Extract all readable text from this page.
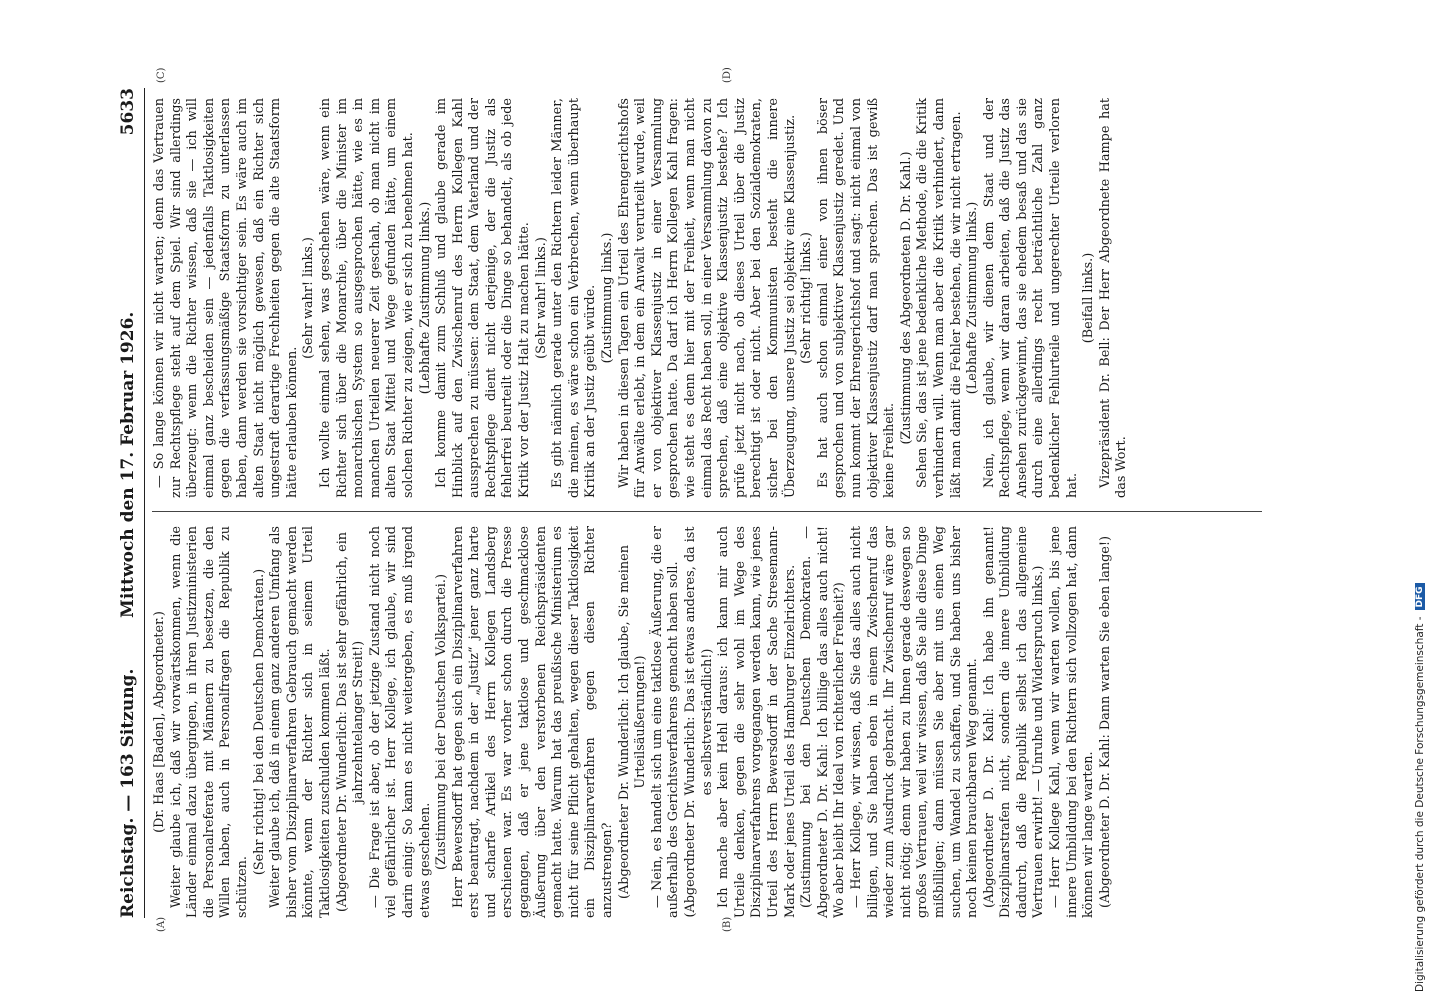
Reichstag. — 163 Sitzung.
Mittwoch den 17. Februar 1926.
5633
(A)	(B)
(C)	(D)

(Dr. Haas [Baden], Abgeordneter.) Weiter glaube ich, daß wir vorwärtskommen, wenn die Länder einmal dazu übergingen, in ihren Justizministerien die Personalreferate mit Männern zu besetzen, die den Willen haben, auch in Personalfragen die Republik zu schützen.

(Sehr richtig! bei den Deutschen Demokraten.) Weiter glaube ich, daß in einem ganz anderen Umfang als bisher vom Disziplinarverfahren Gebrauch gemacht werden könnte, wenn der Richter sich in seinem Urteil Taktlosigkeiten zuschulden kommen läßt. (Abgeordneter Dr. Wunderlich: Das ist sehr gefährlich, ein jahrzehntelanger Streit!) — Die Frage ist aber, ob der jetzige Zustand nicht noch viel gefährlicher ist. Herr Kollege, ich glaube, wir sind darin einig: So kann es nicht weitergeben, es muß irgend etwas geschehen. (Zustimmung bei der Deutschen Volkspartei.) Herr Bewersdorff hat gegen sich ein Disziplinarverfahren erst beantragt, nachdem in der „Justiz“ jener ganz harte und scharfe Artikel des Herrn Kollegen Landsberg erschienen war. Es war vorher schon durch die Presse gegangen, daß er jene taktlose und geschmacklose Äußerung über den verstorbenen Reichspräsidenten gemacht hatte. Warum hat das preußische Ministerium es nicht für seine Pflicht gehalten, wegen dieser Taktlosigkeit ein Disziplinarverfahren gegen diesen Richter anzustrengen? (Abgeordneter Dr. Wunderlich: Ich glaube, Sie meinen Urteilsäußerungen!) — Nein, es handelt sich um eine taktlose Äußerung, die er außerhalb des Gerichtsverfahrens gemacht haben soll. (Abgeordneter Dr. Wunderlich: Das ist etwas anderes, da ist es selbstverständlich!) Ich mache aber kein Hehl daraus: ich kann mir auch Urteile denken, gegen die sehr wohl im Wege des Disziplinarverfahrens vorgegangen werden kann, wie jenes Urteil des Herrn Bewersdorff in der Sache Stresemann-Mark oder jenes Urteil des Hamburger Einzelrichters. (Zustimmung bei den Deutschen Demokraten. — Abgeordneter D. Dr. Kahl: Ich billige das alles auch nicht! Wo aber bleibt Ihr Ideal von richterlicher Freiheit?) — Herr Kollege, wir wissen, daß Sie das alles auch nicht billigen, und Sie haben eben in einem Zwischenruf das wieder zum Ausdruck gebracht. Ihr Zwischenruf wäre gar nicht nötig; denn wir haben zu Ihnen gerade deswegen so großes Vertrauen, weil wir wissen, daß Sie alle diese Dinge mißbilligen; dann müssen Sie aber mit uns einen Weg suchen, um Wandel zu schaffen, und Sie haben uns bisher noch keinen brauchbaren Weg genannt. (Abgeordneter D. Dr. Kahl: Ich habe ihn genannt! Disziplinarstrafen nicht, sondern die innere Umbildung dadurch, daß die Republik selbst ich das allgemeine Vertrauen erwirbt! — Unruhe und Widerspruch links.) — Herr Kollege Kahl, wenn wir warten wollen, bis jene innere Umbildung bei den Richtern sich vollzogen hat, dann können wir lange warten. (Abgeordneter D. Dr. Kahl: Dann warten Sie eben lange!)

— So lange können wir nicht warten; denn das Vertrauen zur Rechtspflege steht auf dem Spiel. Wir sind allerdings überzeugt: wenn die Richter wissen, daß sie — ich will einmal ganz bescheiden sein — jedenfalls Taktlosigkeiten gegen die verfassungsmäßige Staatsform zu unterlassen haben, dann werden sie vorsichtiger sein. Es wäre auch im alten Staat nicht möglich gewesen, daß ein Richter sich ungestraft derartige Frechheiten gegen die alte Staatsform hätte erlauben können.

(Sehr wahr! links.) Ich wollte einmal sehen, was geschehen wäre, wenn ein Richter sich über die Monarchie, über die Minister im monarchischen System so ausgesprochen hätte, wie es in manchen Urteilen neuerer Zeit geschah, ob man nicht im alten Staat Mittel und Wege gefunden hätte, um einem solchen Richter zu zeigen, wie er sich zu benehmen hat. (Lebhafte Zustimmung links.) Ich komme damit zum Schluß und glaube gerade im Hinblick auf den Zwischenruf des Herrn Kollegen Kahl aussprechen zu müssen: dem Staat, dem Vaterland und der Rechtspflege dient nicht derjenige, der die Justiz als fehlerfrei beurteilt oder die Dinge so behandelt, als ob jede Kritik vor der Justiz Halt zu machen hätte. (Sehr wahr! links.) Es gibt nämlich gerade unter den Richtern leider Männer, die meinen, es wäre schon ein Verbrechen, wenn überhaupt Kritik an der Justiz geübt würde. (Zustimmung links.) Wir haben in diesen Tagen ein Urteil des Ehrengerichtshofs für Anwälte erlebt, in dem ein Anwalt verurteilt wurde, weil er von objektiver Klassenjustiz in einer Versammlung gesprochen hatte. Da darf ich Herrn Kollegen Kahl fragen: wie steht es denn hier mit der Freiheit, wenn man nicht einmal das Recht haben soll, in einer Versammlung davon zu sprechen, daß eine objektive Klassenjustiz bestehe? Ich prüfe jetzt nicht nach, ob dieses Urteil über die Justiz berechtigt ist oder nicht. Aber bei den Sozialdemokraten, sicher bei den Kommunisten besteht die innere Überzeugung, unsere Justiz sei objektiv eine Klassenjustiz. (Sehr richtig! links.) Es hat auch schon einmal einer von ihnen böser gesprochen und von subjektiver Klassenjustiz geredet. Und nun kommt der Ehrengerichtshof und sagt: nicht einmal von objektiver Klassenjustiz darf man sprechen. Das ist gewiß keine Freiheit.

(Zustimmung des Abgeordneten D. Dr. Kahl.) Sehen Sie, das ist jene bedenkliche Methode, die die Kritik verhindern will. Wenn man aber die Kritik verhindert, dann läßt man damit die Fehler bestehen, die wir nicht ertragen. (Lebhafte Zustimmung links.) Nein, ich glaube, wir dienen dem Staat und der Rechtspflege, wenn wir daran arbeiten, daß die Justiz das Ansehen zurückgewinnt, das sie ehedem besaß und das sie durch eine allerdings recht beträchtliche Zahl ganz bedenklicher Fehlurteile und ungerechter Urteile verloren hat.

(Beifall links.) Vizepräsident Dr. Bell: Der Herr Abgeordnete Hampe hat das Wort.

Digitalisierung gefördert durch die Deutsche Forschungsgemeinschaft -
DFG
